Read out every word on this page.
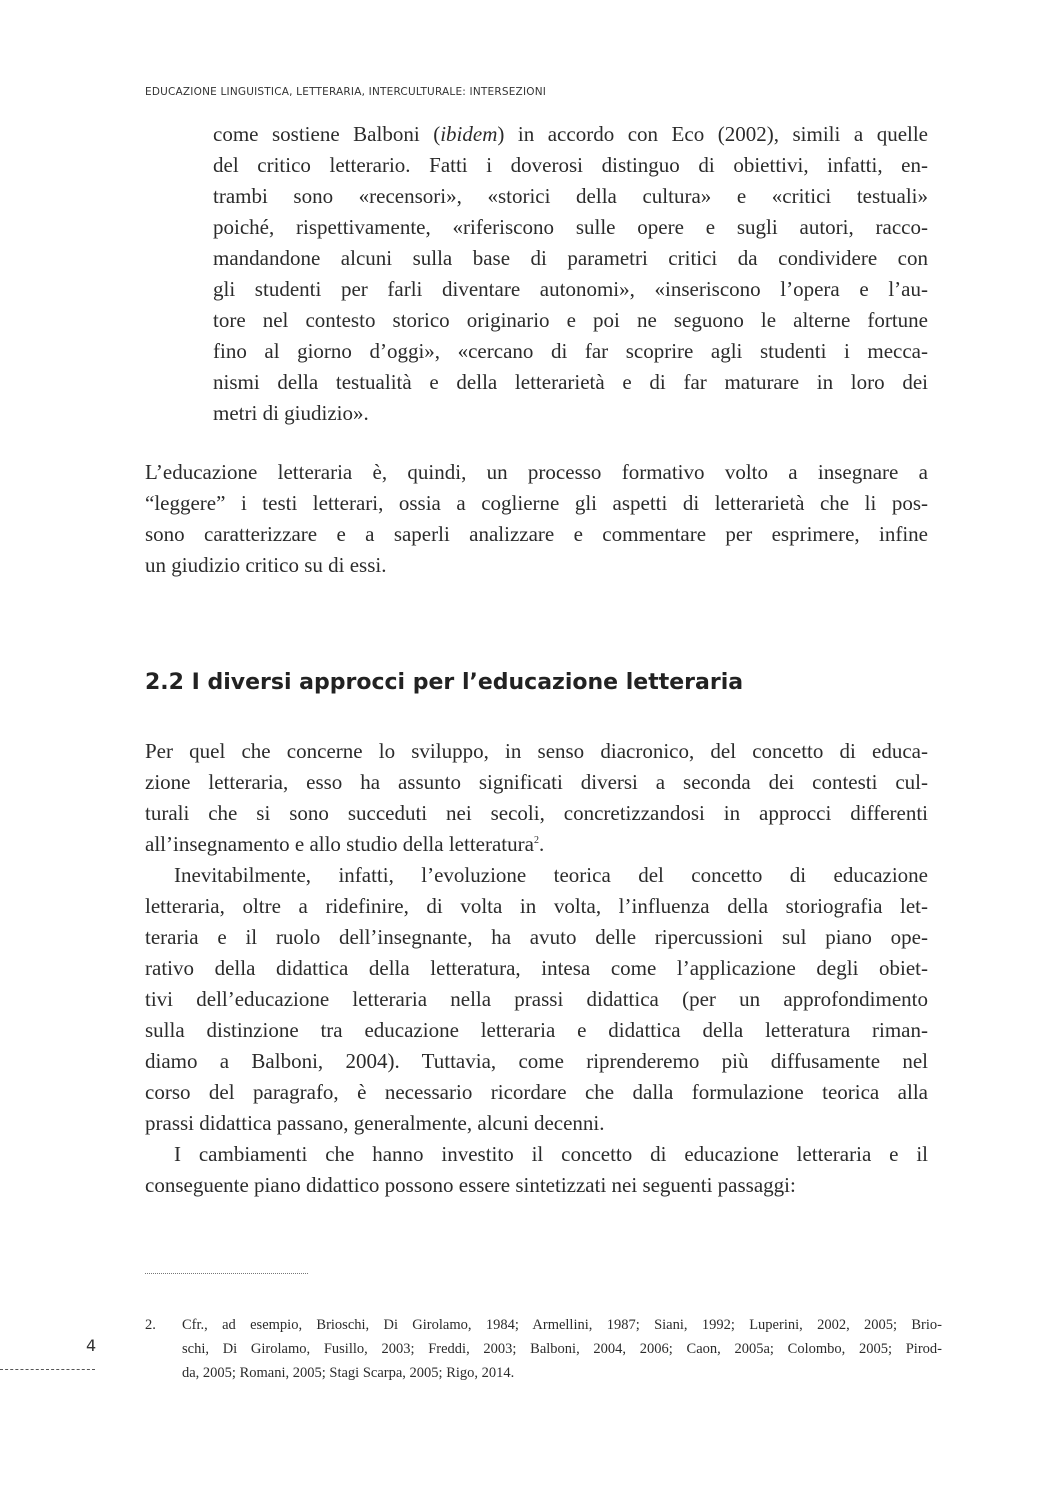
EDUCAZIONE LINGUISTICA, LETTERARIA, INTERCULTURALE: INTERSEZIONI
come sostiene Balboni (ibidem) in accordo con Eco (2002), simili a quelle
del critico letterario. Fatti i doverosi distinguo di obiettivi, infatti, en-
trambi sono «recensori», «storici della cultura» e «critici testuali»
poiché, rispettivamente, «riferiscono sulle opere e sugli autori, racco-
mandandone alcuni sulla base di parametri critici da condividere con
gli studenti per farli diventare autonomi», «inseriscono l’opera e l’au-
tore nel contesto storico originario e poi ne seguono le alterne fortune
fino al giorno d’oggi», «cercano di far scoprire agli studenti i mecca-
nismi della testualità e della letterarietà e di far maturare in loro dei
metri di giudizio».
L’educazione letteraria è, quindi, un processo formativo volto a insegnare a
“leggere” i testi letterari, ossia a coglierne gli aspetti di letterarietà che li pos-
sono caratterizzare e a saperli analizzare e commentare per esprimere, infine
un giudizio critico su di essi.
2.2 I diversi approcci per l’educazione letteraria
Per quel che concerne lo sviluppo, in senso diacronico, del concetto di educa-
zione letteraria, esso ha assunto significati diversi a seconda dei contesti cul-
turali che si sono succeduti nei secoli, concretizzandosi in approcci differenti
all’insegnamento e allo studio della letteratura$^2$.
Inevitabilmente, infatti, l’evoluzione teorica del concetto di educazione
letteraria, oltre a ridefinire, di volta in volta, l’influenza della storiografia let-
teraria e il ruolo dell’insegnante, ha avuto delle ripercussioni sul piano ope-
rativo della didattica della letteratura, intesa come l’applicazione degli obiet-
tivi dell’educazione letteraria nella prassi didattica (per un approfondimento
sulla distinzione tra educazione letteraria e didattica della letteratura riman-
diamo a Balboni, 2004). Tuttavia, come riprenderemo più diffusamente nel
corso del paragrafo, è necessario ricordare che dalla formulazione teorica alla
prassi didattica passano, generalmente, alcuni decenni.
I cambiamenti che hanno investito il concetto di educazione letteraria e il
conseguente piano didattico possono essere sintetizzati nei seguenti passaggi:
2. Cfr., ad esempio, Brioschi, Di Girolamo, 1984; Armellini, 1987; Siani, 1992; Luperini, 2002, 2005; Brio-
schi, Di Girolamo, Fusillo, 2003; Freddi, 2003; Balboni, 2004, 2006; Caon, 2005a; Colombo, 2005; Pirod-
da, 2005; Romani, 2005; Stagi Scarpa, 2005; Rigo, 2014.
4
